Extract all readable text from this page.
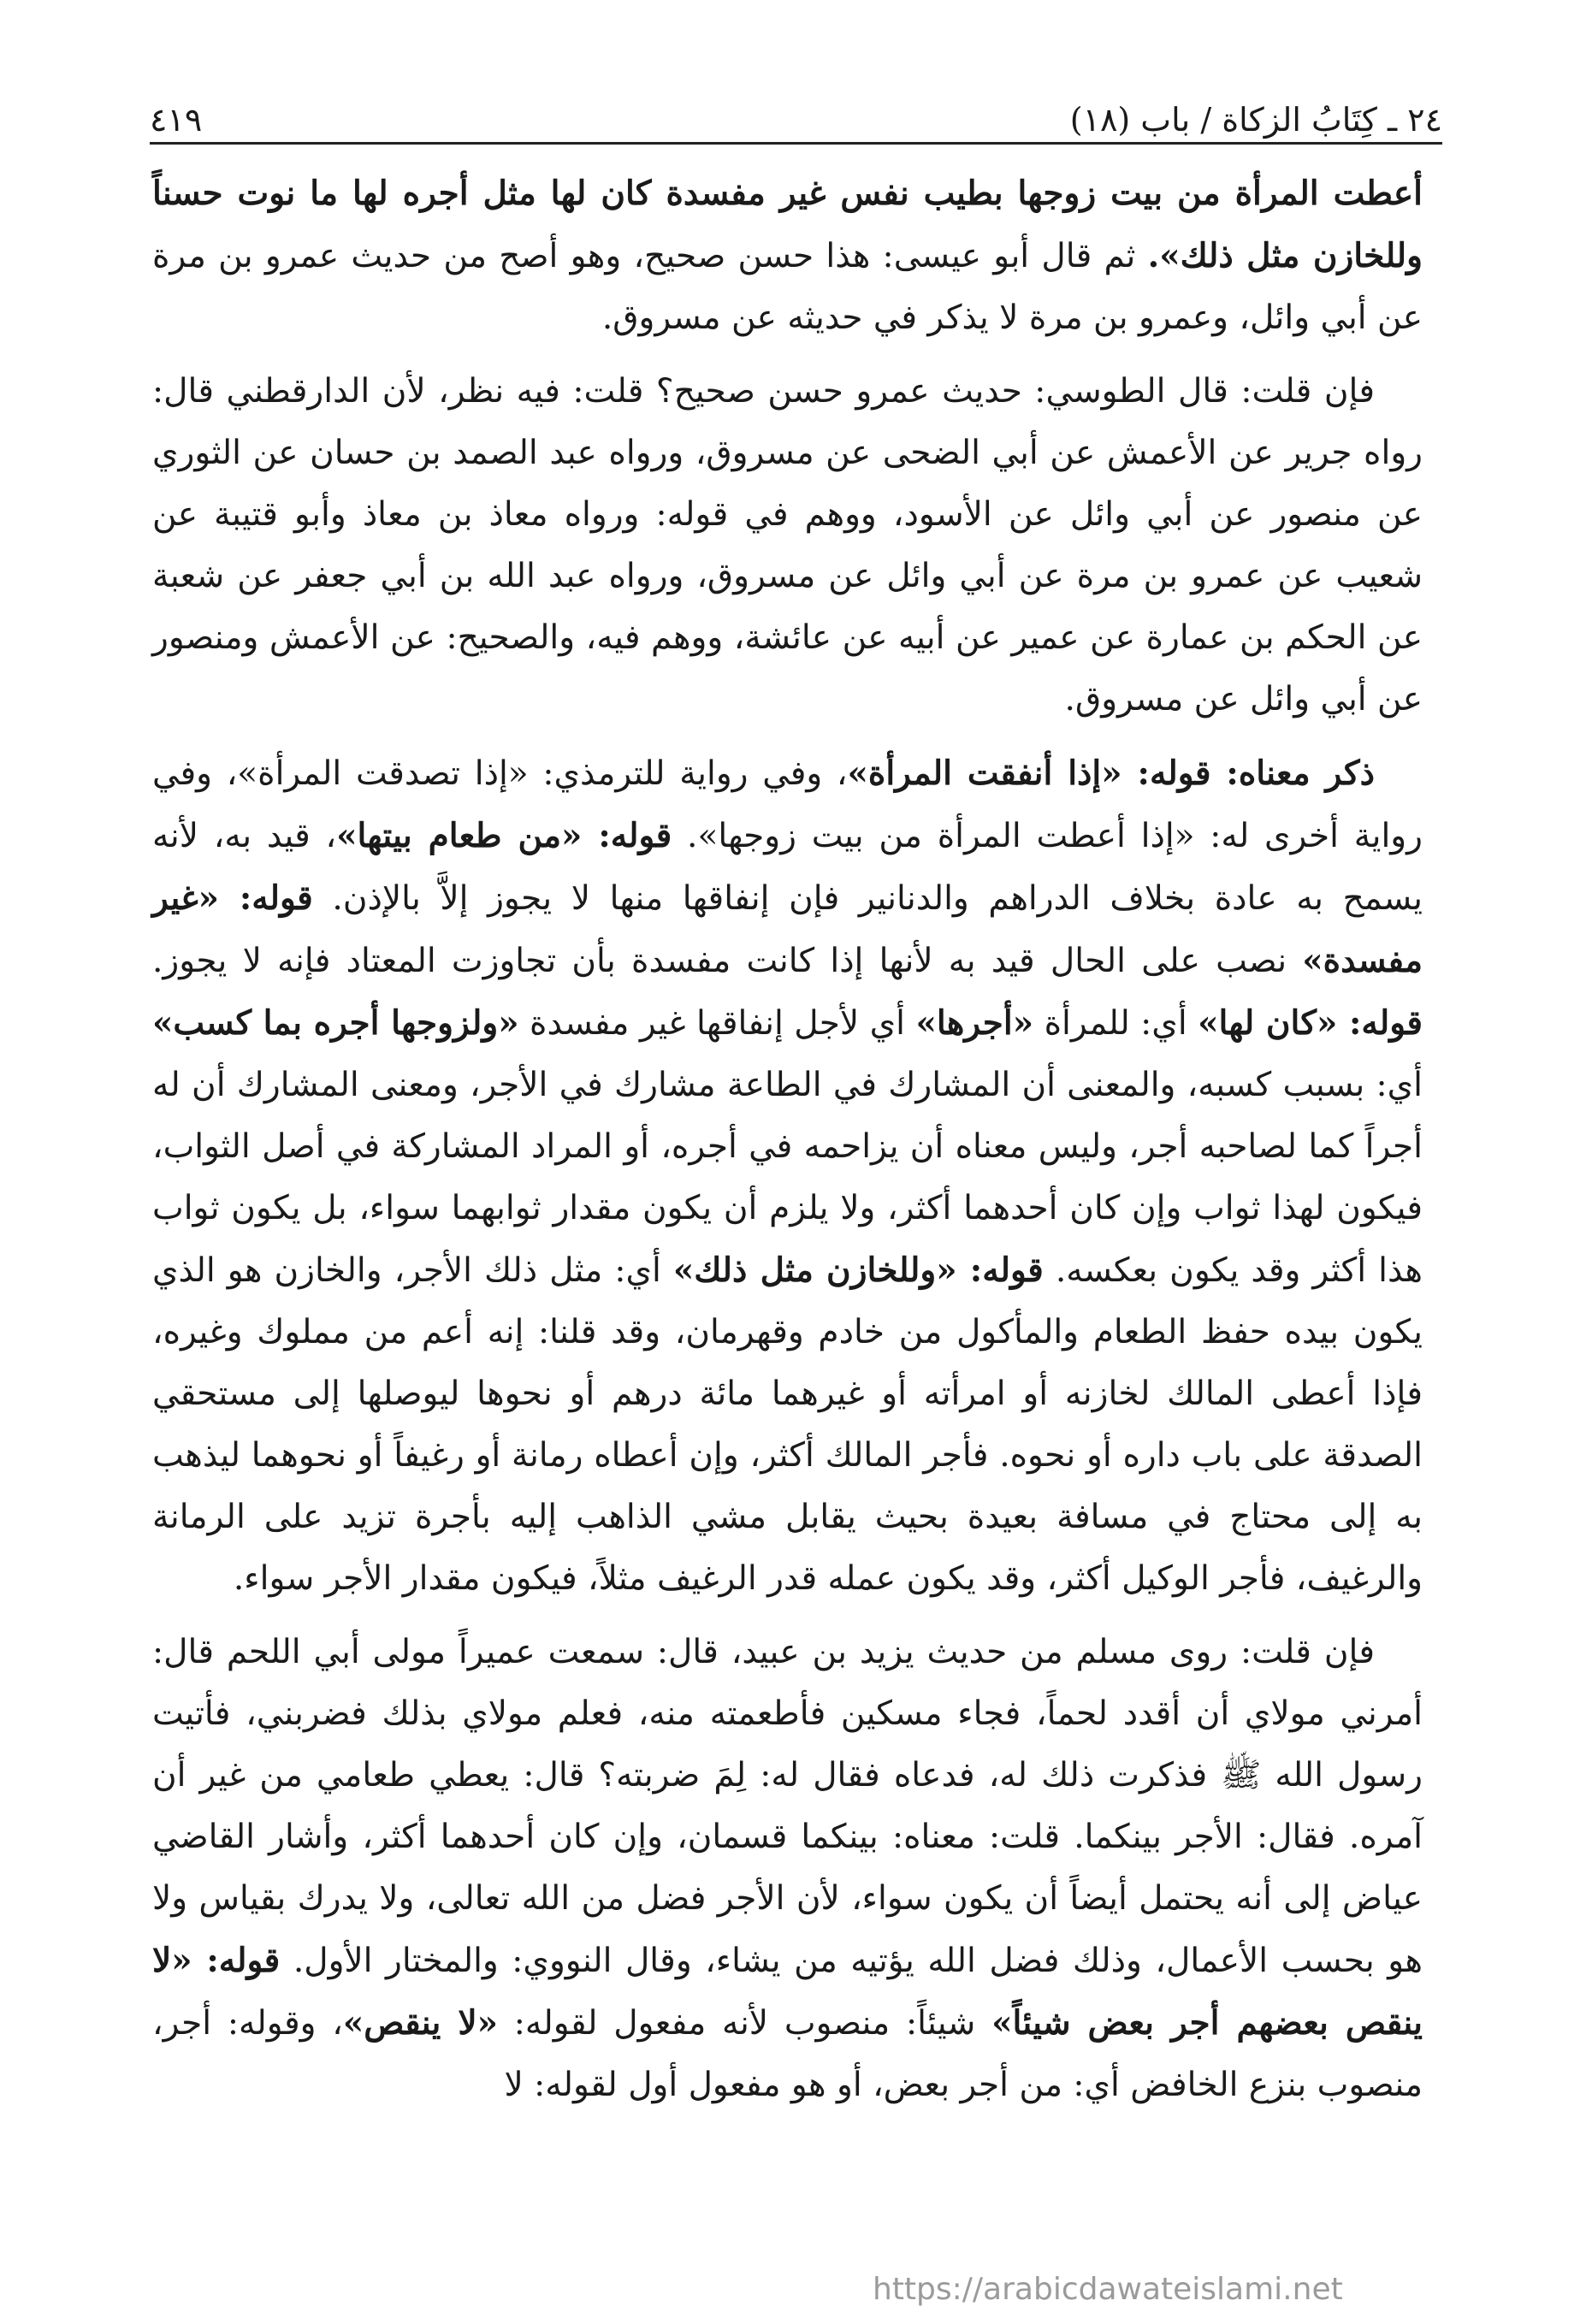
٢٤ ـ كِتَابُ الزكاة / باب (١٨)
٤١٩

أعطت المرأة من بيت زوجها بطيب نفس غير مفسدة كان لها مثل أجره لها ما نوت حسناً وللخازن مثل ذلك». ثم قال أبو عيسى: هذا حسن صحيح، وهو أصح من حديث عمرو بن مرة عن أبي وائل، وعمرو بن مرة لا يذكر في حديثه عن مسروق.

فإن قلت: قال الطوسي: حديث عمرو حسن صحيح؟ قلت: فيه نظر، لأن الدارقطني قال: رواه جرير عن الأعمش عن أبي الضحى عن مسروق، ورواه عبد الصمد بن حسان عن الثوري عن منصور عن أبي وائل عن الأسود، ووهم في قوله: ورواه معاذ بن معاذ وأبو قتيبة عن شعيب عن عمرو بن مرة عن أبي وائل عن مسروق، ورواه عبد الله بن أبي جعفر عن شعبة عن الحكم بن عمارة عن عمير عن أبيه عن عائشة، ووهم فيه، والصحيح: عن الأعمش ومنصور عن أبي وائل عن مسروق.

ذكر معناه: قوله: «إذا أنفقت المرأة»، وفي رواية للترمذي: «إذا تصدقت المرأة»، وفي رواية أخرى له: «إذا أعطت المرأة من بيت زوجها». قوله: «من طعام بيتها»، قيد به، لأنه يسمح به عادة بخلاف الدراهم والدنانير فإن إنفاقها منها لا يجوز إلاَّ بالإذن. قوله: «غير مفسدة» نصب على الحال قيد به لأنها إذا كانت مفسدة بأن تجاوزت المعتاد فإنه لا يجوز. قوله: «كان لها» أي: للمرأة «أجرها» أي لأجل إنفاقها غير مفسدة «ولزوجها أجره بما كسب» أي: بسبب كسبه، والمعنى أن المشارك في الطاعة مشارك في الأجر، ومعنى المشارك أن له أجراً كما لصاحبه أجر، وليس معناه أن يزاحمه في أجره، أو المراد المشاركة في أصل الثواب، فيكون لهذا ثواب وإن كان أحدهما أكثر، ولا يلزم أن يكون مقدار ثوابهما سواء، بل يكون ثواب هذا أكثر وقد يكون بعكسه. قوله: «وللخازن مثل ذلك» أي: مثل ذلك الأجر، والخازن هو الذي يكون بيده حفظ الطعام والمأكول من خادم وقهرمان، وقد قلنا: إنه أعم من مملوك وغيره، فإذا أعطى المالك لخازنه أو امرأته أو غيرهما مائة درهم أو نحوها ليوصلها إلى مستحقي الصدقة على باب داره أو نحوه. فأجر المالك أكثر، وإن أعطاه رمانة أو رغيفاً أو نحوهما ليذهب به إلى محتاج في مسافة بعيدة بحيث يقابل مشي الذاهب إليه بأجرة تزيد على الرمانة والرغيف، فأجر الوكيل أكثر، وقد يكون عمله قدر الرغيف مثلاً، فيكون مقدار الأجر سواء.

فإن قلت: روى مسلم من حديث يزيد بن عبيد، قال: سمعت عميراً مولى أبي اللحم قال: أمرني مولاي أن أقدد لحماً، فجاء مسكين فأطعمته منه، فعلم مولاي بذلك فضربني، فأتيت رسول الله ﷺ فذكرت ذلك له، فدعاه فقال له: لِمَ ضربته؟ قال: يعطي طعامي من غير أن آمره. فقال: الأجر بينكما. قلت: معناه: بينكما قسمان، وإن كان أحدهما أكثر، وأشار القاضي عياض إلى أنه يحتمل أيضاً أن يكون سواء، لأن الأجر فضل من الله تعالى، ولا يدرك بقياس ولا هو بحسب الأعمال، وذلك فضل الله يؤتيه من يشاء، وقال النووي: والمختار الأول. قوله: «لا ينقص بعضهم أجر بعض شيئاً» شيئاً: منصوب لأنه مفعول لقوله: «لا ينقص»، وقوله: أجر، منصوب بنزع الخافض أي: من أجر بعض، أو هو مفعول أول لقوله: لا

https://arabicdawateislami.net
